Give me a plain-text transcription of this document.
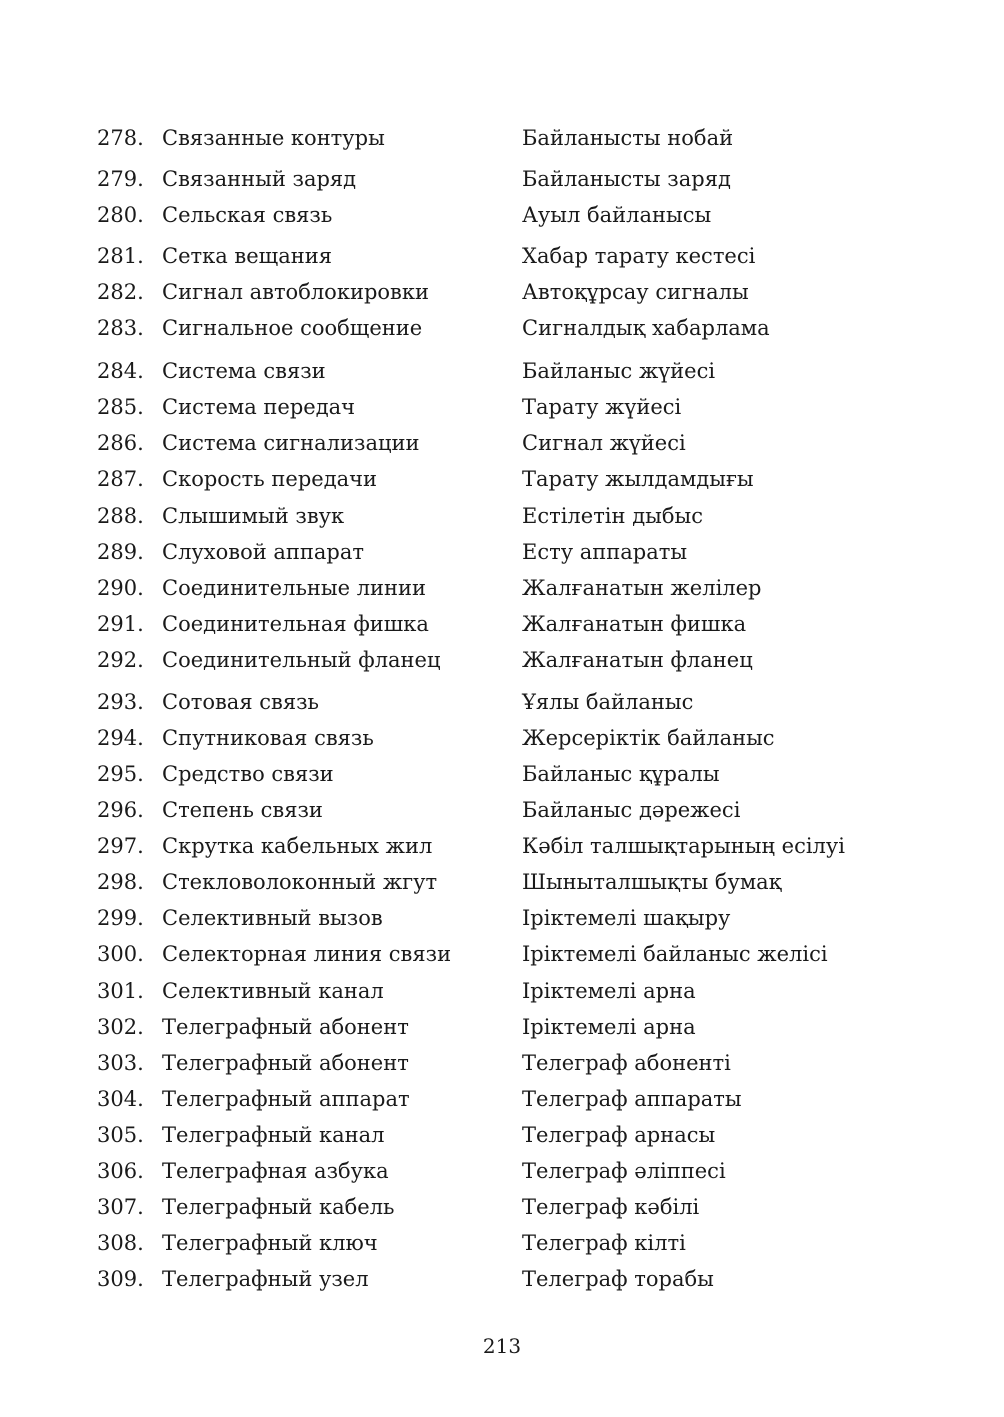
278. Связанные контуры	Байланысты нобай
279. Связанный заряд	Байланысты заряд
280. Сельская связь	Ауыл байланысы
281. Сетка вещания	Хабар тарату кестесі
282. Сигнал автоблокировки	Автоқұрсау сигналы
283. Сигнальное сообщение	Сигналдық хабарлама
284. Система связи	Байланыс жүйесі
285. Система передач	Тарату жүйесі
286. Система сигнализации	Сигнал жүйесі
287. Скорость передачи	Тарату жылдамдығы
288. Слышимый звук	Естілетін дыбыс
289. Слуховой аппарат	Есту аппараты
290. Соединительные линии	Жалғанатын желілер
291. Соединительная фишка	Жалғанатын фишка
292. Соединительный фланец	Жалғанатын фланец
293. Сотовая связь	Ұялы байланыс
294. Спутниковая связь	Жерсеріктік байланыс
295. Средство связи	Байланыс құралы
296. Степень связи	Байланыс дәрежесі
297. Скрутка кабельных жил	Кәбіл талшықтарының есілуі
298. Стекловолоконный жгут	Шыныталшықты бумақ
299. Селективный вызов	Іріктемелі шақыру
300. Селекторная линия связи	Іріктемелі байланыс желісі
301. Селективный канал	Іріктемелі арна
302. Телеграфный абонент	Іріктемелі арна
303. Телеграфный абонент	Телеграф абоненті
304. Телеграфный аппарат	Телеграф аппараты
305. Телеграфный канал	Телеграф арнасы
306. Телеграфная азбука	Телеграф әліппесі
307. Телеграфный кабель	Телеграф кәбілі
308. Телеграфный ключ	Телеграф кілті
309. Телеграфный узел	Телеграф торабы
213
